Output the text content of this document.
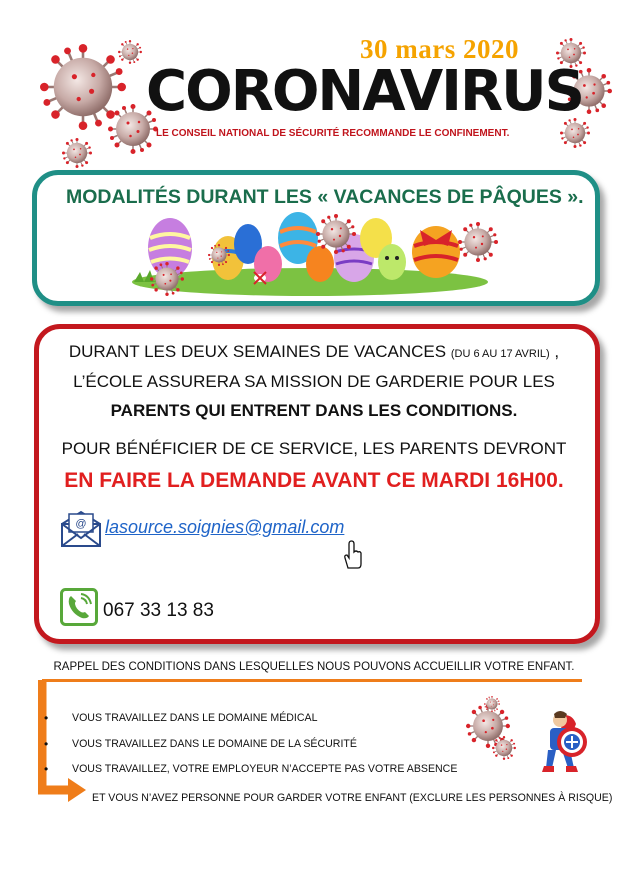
30 mars 2020
CORONAVIRUS
LE CONSEIL NATIONAL DE SÉCURITÉ RECOMMANDE LE CONFINEMENT.
MODALITÉS DURANT LES « VACANCES DE PÂQUES ».
DURANT LES DEUX SEMAINES DE VACANCES (DU 6 AU 17 AVRIL) ,
L’ÉCOLE ASSURERA SA MISSION DE GARDERIE POUR LES
PARENTS QUI ENTRENT DANS LES CONDITIONS.
POUR BÉNÉFICIER DE CE SERVICE, LES PARENTS DEVRONT
EN FAIRE LA DEMANDE AVANT CE MARDI 16H00.
@ lasource.soignies@gmail.com
067 33 13 83
RAPPEL DES CONDITIONS DANS LESQUELLES NOUS POUVONS ACCUEILLIR VOTRE ENFANT.
• VOUS TRAVAILLEZ DANS LE DOMAINE MÉDICAL
• VOUS TRAVAILLEZ DANS LE DOMAINE DE LA SÉCURITÉ
• VOUS TRAVAILLEZ, VOTRE EMPLOYEUR N’ACCEPTE PAS VOTRE ABSENCE
ET VOUS N’AVEZ PERSONNE POUR GARDER VOTRE ENFANT (EXCLURE LES PERSONNES À RISQUE)
